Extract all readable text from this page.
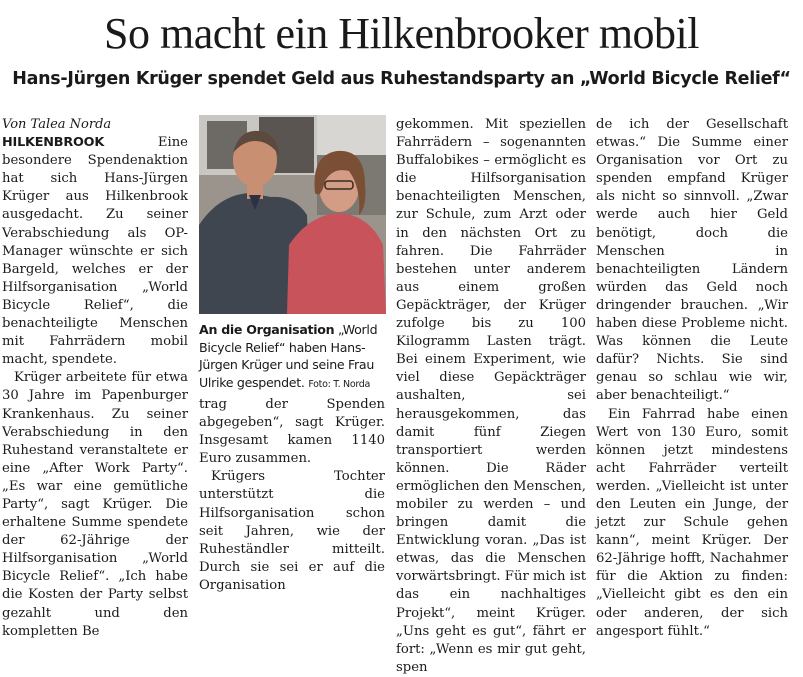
So macht ein Hilkenbrooker mobil
Hans-Jürgen Krüger spendet Geld aus Ruhestandsparty an „World Bicycle Relief“

Von Talea Norda

HILKENBROOK Eine besondere Spendenaktion hat sich Hans-Jürgen Krüger aus Hilkenbrook ausgedacht. Zu seiner Verabschiedung als OP-Manager wünschte er sich Bargeld, welches er der Hilfsorganisation „World Bicycle Relief“, die benachteiligte Menschen mit Fahrrädern mobil macht, spendete.

Krüger arbeitete für etwa 30 Jahre im Papenburger Krankenhaus. Zu seiner Verabschiedung in den Ruhestand veranstaltete er eine „After Work Party“. „Es war eine gemütliche Party“, sagt Krüger. Die erhaltene Summe spendete der 62-Jährige der Hilfsorganisation „World Bicycle Relief“. „Ich habe die Kosten der Party selbst gezahlt und den kompletten Be

An die Organisation „World Bicycle Relief“ haben Hans-Jürgen Krüger und seine Frau Ulrike gespendet. Foto: T. Norda

trag der Spenden abgegeben“, sagt Krüger. Insgesamt kamen 1140 Euro zusammen.

Krügers Tochter unterstützt die Hilfsorganisation schon seit Jahren, wie der Ruheständler mitteilt. Durch sie sei er auf die Organisation

gekommen. Mit speziellen Fahrrädern – sogenannten Buffalobikes – ermöglicht es die Hilfsorganisation benachteiligten Menschen, zur Schule, zum Arzt oder in den nächsten Ort zu fahren. Die Fahrräder bestehen unter anderem aus einem großen Gepäckträger, der Krüger zufolge bis zu 100 Kilogramm Lasten trägt. Bei einem Experiment, wie viel diese Gepäckträger aushalten, sei herausgekommen, das damit fünf Ziegen transportiert werden können. Die Räder ermöglichen den Menschen, mobiler zu werden – und bringen damit die Entwicklung voran. „Das ist etwas, das die Menschen vorwärtsbringt. Für mich ist das ein nachhaltiges Projekt“, meint Krüger. „Uns geht es gut“, fährt er fort: „Wenn es mir gut geht, spen

de ich der Gesellschaft etwas.“ Die Summe einer Organisation vor Ort zu spenden empfand Krüger als nicht so sinnvoll. „Zwar werde auch hier Geld benötigt, doch die Menschen in benachteiligten Ländern würden das Geld noch dringender brauchen. „Wir haben diese Probleme nicht. Was können die Leute dafür? Nichts. Sie sind genau so schlau wie wir, aber benachteiligt.“

Ein Fahrrad habe einen Wert von 130 Euro, somit können jetzt mindestens acht Fahrräder verteilt werden. „Vielleicht ist unter den Leuten ein Junge, der jetzt zur Schule gehen kann“, meint Krüger. Der 62-Jährige hofft, Nachahmer für die Aktion zu finden: „Vielleicht gibt es den ein oder anderen, der sich angesport fühlt.“
